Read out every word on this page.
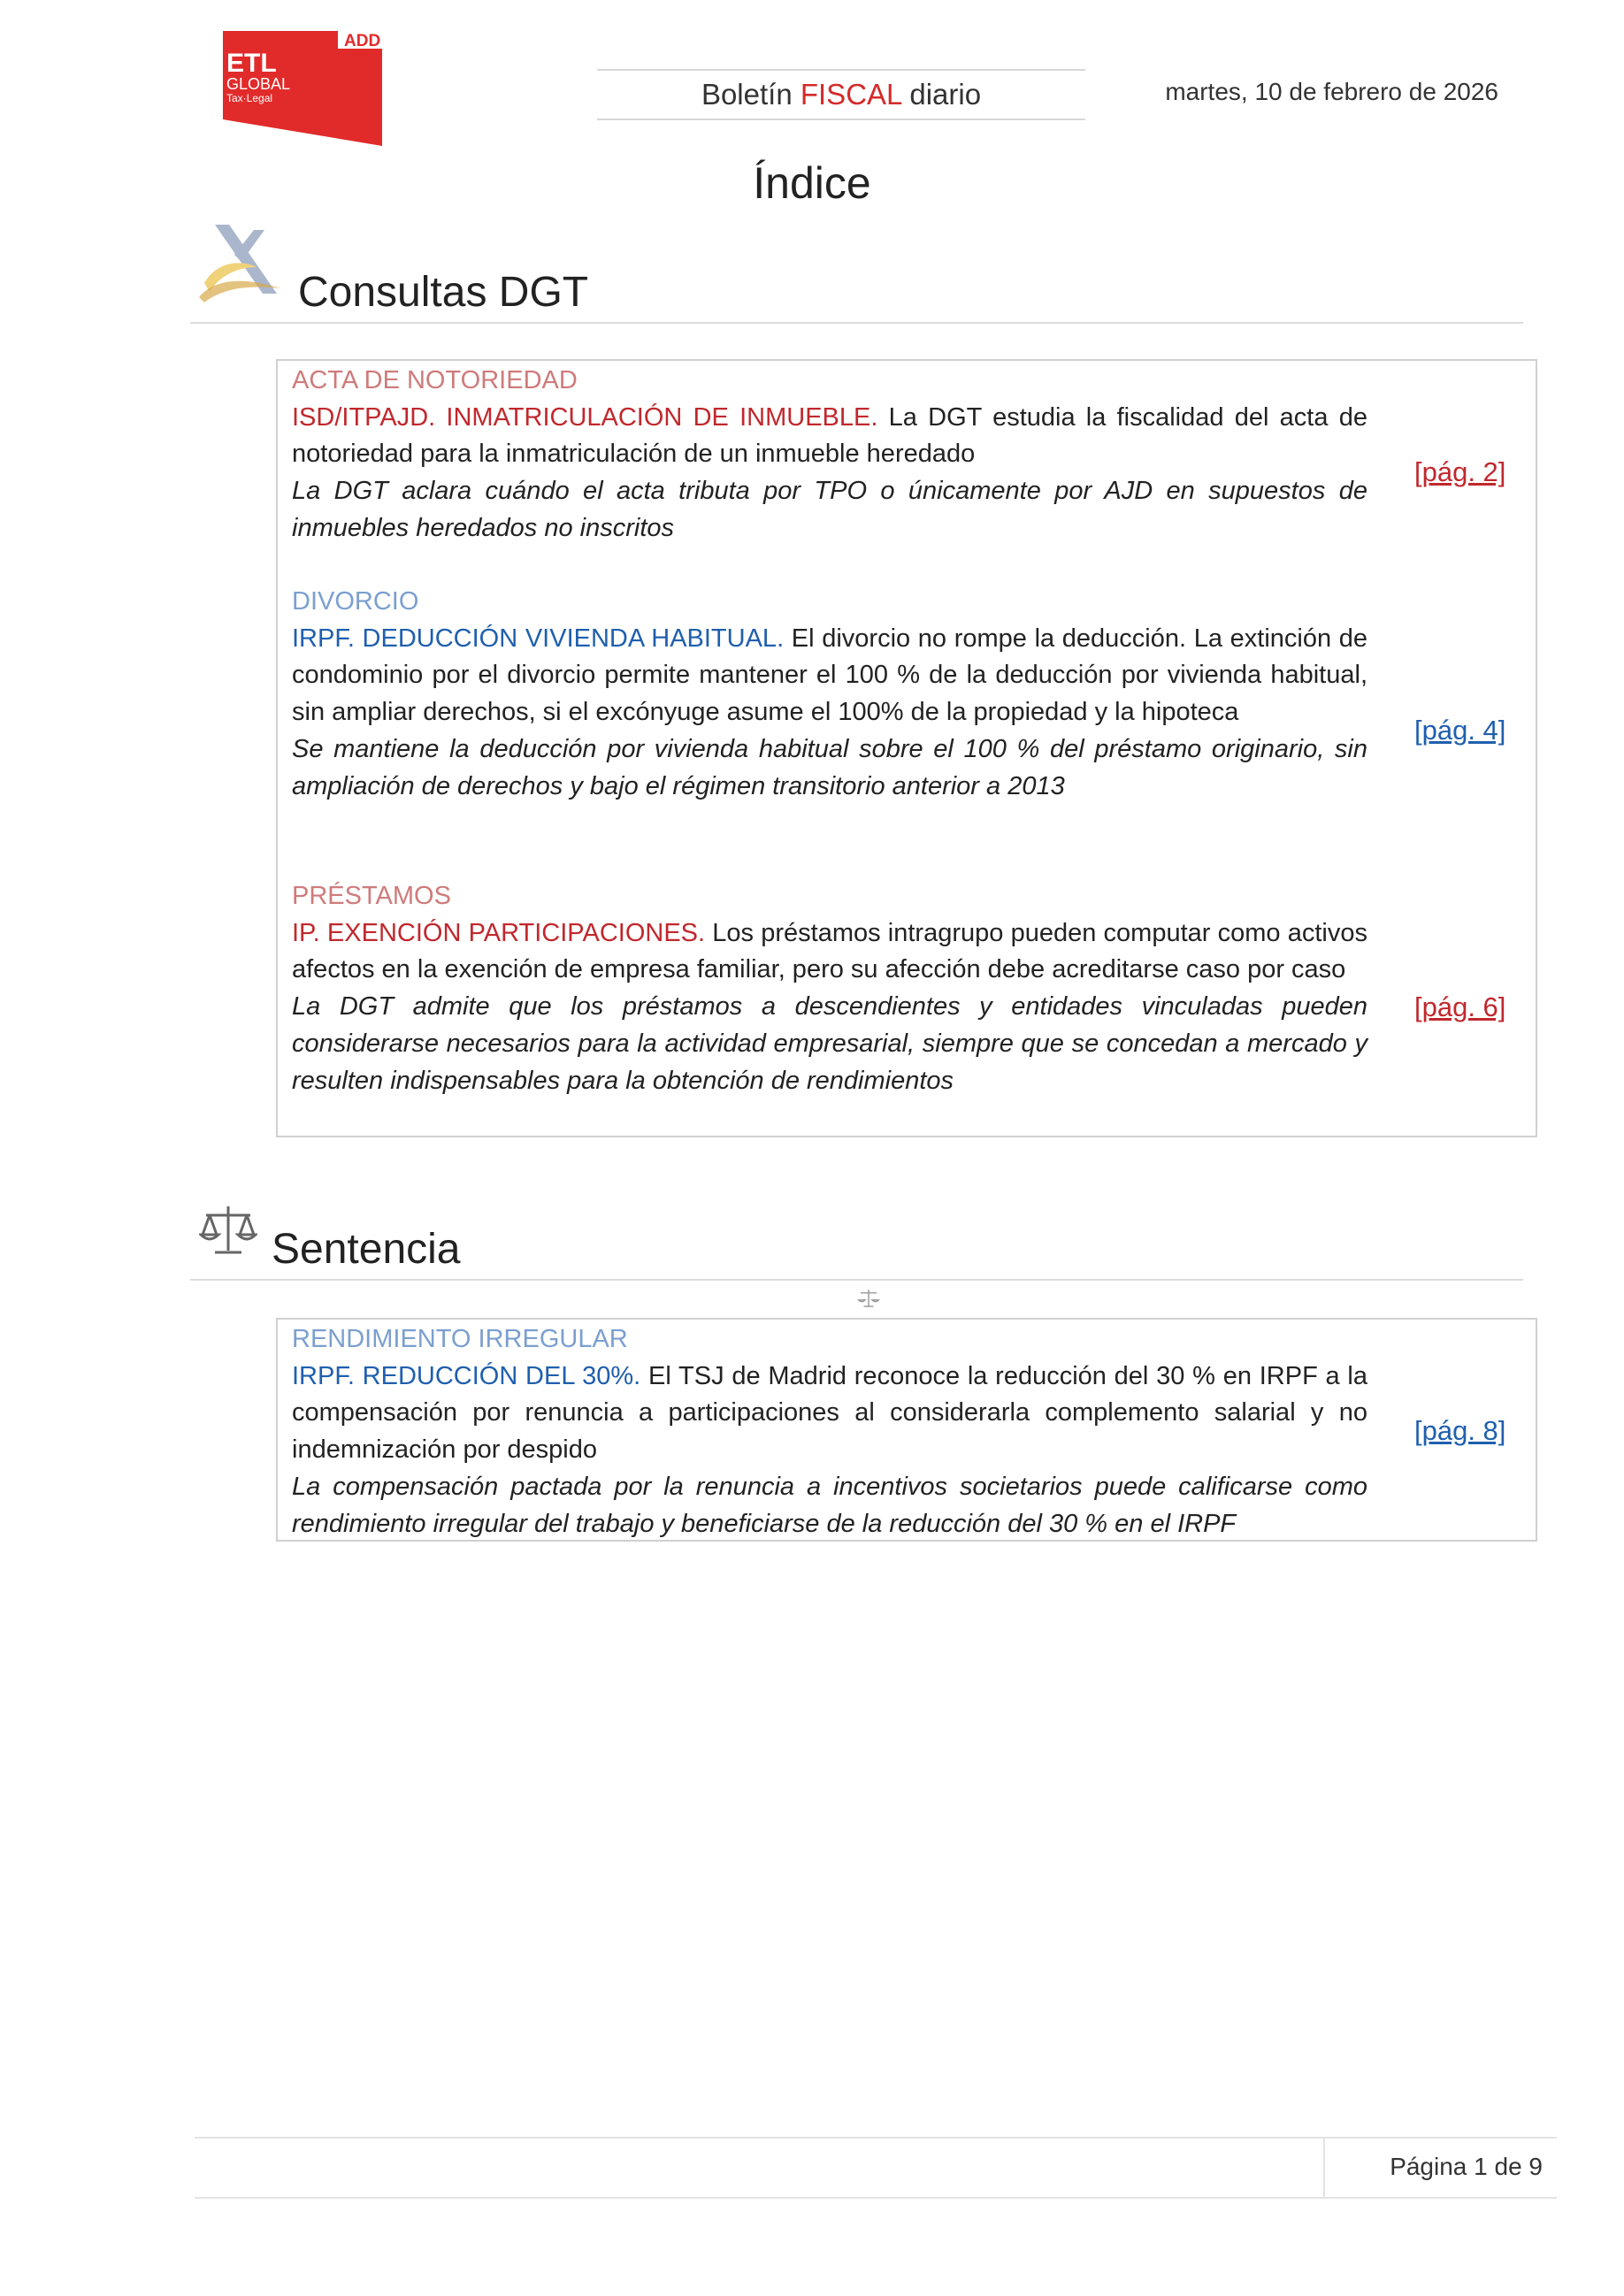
ADD
ETL
GLOBAL
Tax·Legal	Boletín FISCAL diario	martes, 10 de febrero de 2026
Índice
Consultas DGT
ACTA DE NOTORIEDAD
ISD/ITPAJD. INMATRICULACIÓN DE INMUEBLE. La DGT estudia la fiscalidad del acta de notoriedad para la inmatriculación de un inmueble heredado
La DGT aclara cuándo el acta tributa por TPO o únicamente por AJD en supuestos de inmuebles heredados no inscritos
[pág. 2]
DIVORCIO
IRPF. DEDUCCIÓN VIVIENDA HABITUAL. El divorcio no rompe la deducción. La extinción de condominio por el divorcio permite mantener el 100 % de la deducción por vivienda habitual, sin ampliar derechos, si el excónyuge asume el 100% de la propiedad y la hipoteca
Se mantiene la deducción por vivienda habitual sobre el 100 % del préstamo originario, sin ampliación de derechos y bajo el régimen transitorio anterior a 2013
[pág. 4]
PRÉSTAMOS
IP. EXENCIÓN PARTICIPACIONES. Los préstamos intragrupo pueden computar como activos afectos en la exención de empresa familiar, pero su afección debe acreditarse caso por caso
La DGT admite que los préstamos a descendientes y entidades vinculadas pueden considerarse necesarios para la actividad empresarial, siempre que se concedan a mercado y resulten indispensables para la obtención de rendimientos
[pág. 6]
Sentencia
RENDIMIENTO IRREGULAR
IRPF. REDUCCIÓN DEL 30%. El TSJ de Madrid reconoce la reducción del 30 % en IRPF a la compensación por renuncia a participaciones al considerarla complemento salarial y no indemnización por despido
La compensación pactada por la renuncia a incentivos societarios puede calificarse como rendimiento irregular del trabajo y beneficiarse de la reducción del 30 % en el IRPF
[pág. 8]
Página 1 de 9
